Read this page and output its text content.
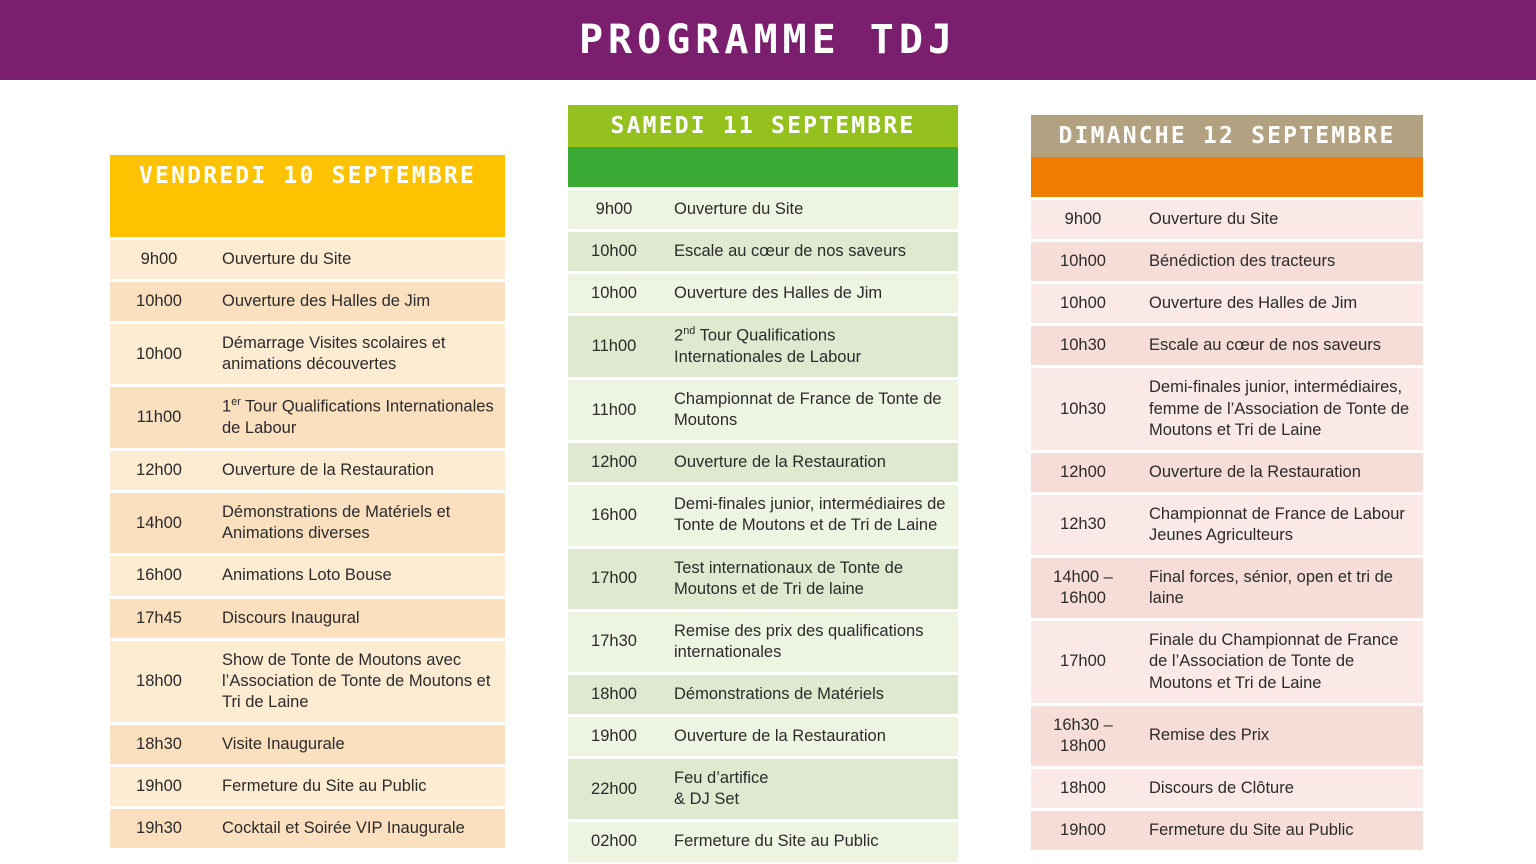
PROGRAMME TDJ
VENDREDI 10 SEPTEMBRE
9h00	Ouverture du Site
10h00	Ouverture des Halles de Jim
10h00	Démarrage Visites scolaires et animations découvertes
11h00	1er Tour Qualifications Internationales de Labour
12h00	Ouverture de la Restauration
14h00	Démonstrations de Matériels et Animations diverses
16h00	Animations Loto Bouse
17h45	Discours Inaugural
18h00	Show de Tonte de Moutons avec l’Association de Tonte de Moutons et Tri de Laine
18h30	Visite Inaugurale
19h00	Fermeture du Site au Public
19h30	Cocktail et Soirée VIP Inaugurale
SAMEDI 11 SEPTEMBRE
9h00	Ouverture du Site
10h00	Escale au cœur de nos saveurs
10h00	Ouverture des Halles de Jim
11h00	2nd Tour Qualifications Internationales de Labour
11h00	Championnat de France de Tonte de Moutons
12h00	Ouverture de la Restauration
16h00	Demi-finales junior, intermédiaires de Tonte de Moutons et de Tri de Laine
17h00	Test internationaux de Tonte de Moutons et de Tri de laine
17h30	Remise des prix des qualifications internationales
18h00	Démonstrations de Matériels
19h00	Ouverture de la Restauration
22h00	Feu d’artifice
& DJ Set
02h00	Fermeture du Site au Public
DIMANCHE 12 SEPTEMBRE
9h00	Ouverture du Site
10h00	Bénédiction des tracteurs
10h00	Ouverture des Halles de Jim
10h30	Escale au cœur de nos saveurs
10h30	Demi-finales junior, intermédiaires, femme de l’Association de Tonte de Moutons et Tri de Laine
12h00	Ouverture de la Restauration
12h30	Championnat de France de Labour Jeunes Agriculteurs
14h00 – 16h00	Final forces, sénior, open et tri de laine
17h00	Finale du Championnat de France de l’Association de Tonte de Moutons et Tri de Laine
16h30 – 18h00	Remise des Prix
18h00	Discours de Clôture
19h00	Fermeture du Site au Public
